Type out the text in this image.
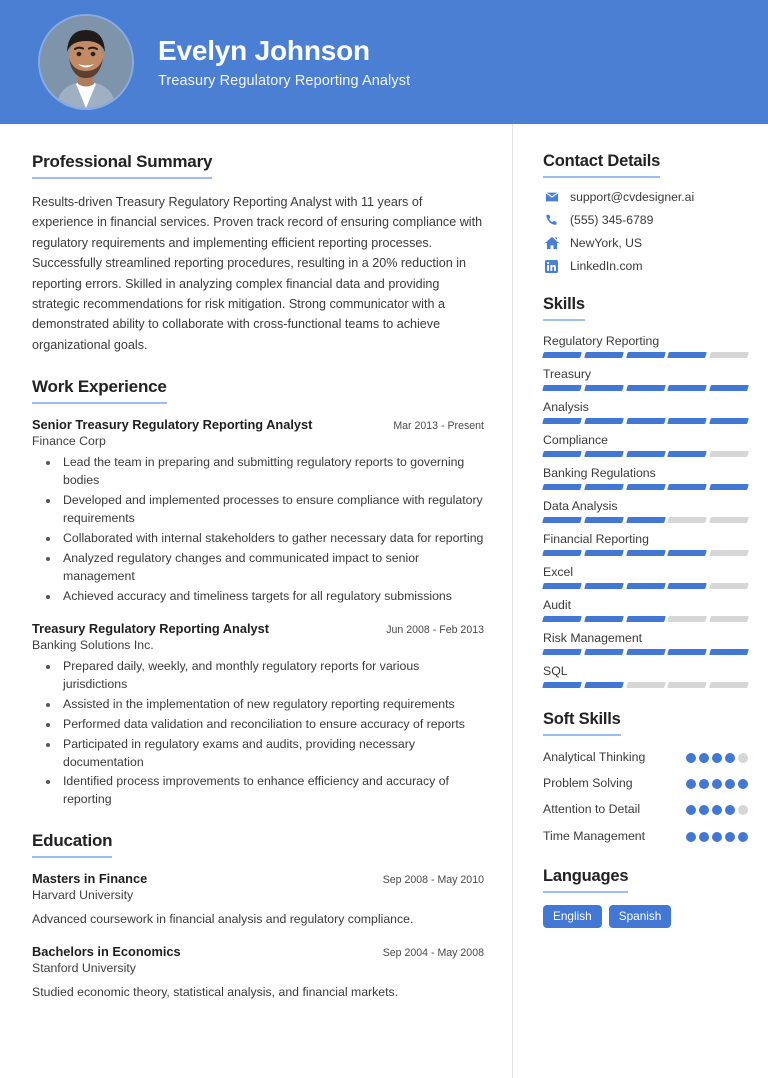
Evelyn Johnson
Treasury Regulatory Reporting Analyst
Professional Summary

Results-driven Treasury Regulatory Reporting Analyst with 11 years of experience in financial services. Proven track record of ensuring compliance with regulatory requirements and implementing efficient reporting processes. Successfully streamlined reporting procedures, resulting in a 20% reduction in reporting errors. Skilled in analyzing complex financial data and providing strategic recommendations for risk mitigation. Strong communicator with a demonstrated ability to collaborate with cross-functional teams to achieve organizational goals.

Work Experience
Senior Treasury Regulatory Reporting Analyst	Mar 2013 - Present
Finance Corp
• Lead the team in preparing and submitting regulatory reports to governing bodies
• Developed and implemented processes to ensure compliance with regulatory requirements
• Collaborated with internal stakeholders to gather necessary data for reporting
• Analyzed regulatory changes and communicated impact to senior management
• Achieved accuracy and timeliness targets for all regulatory submissions
Treasury Regulatory Reporting Analyst	Jun 2008 - Feb 2013
Banking Solutions Inc.
• Prepared daily, weekly, and monthly regulatory reports for various jurisdictions
• Assisted in the implementation of new regulatory reporting requirements
• Performed data validation and reconciliation to ensure accuracy of reports
• Participated in regulatory exams and audits, providing necessary documentation
• Identified process improvements to enhance efficiency and accuracy of reporting
Education
Masters in Finance	Sep 2008 - May 2010
Harvard University
Advanced coursework in financial analysis and regulatory compliance.
Bachelors in Economics	Sep 2004 - May 2008
Stanford University
Studied economic theory, statistical analysis, and financial markets.
Contact Details
support@cvdesigner.ai
(555) 345-6789
NewYork, US
LinkedIn.com
Skills
Regulatory Reporting
Treasury
Analysis
Compliance
Banking Regulations
Data Analysis
Financial Reporting
Excel
Audit
Risk Management
SQL
Soft Skills
Analytical Thinking
Problem Solving
Attention to Detail
Time Management
Languages
English	Spanish
